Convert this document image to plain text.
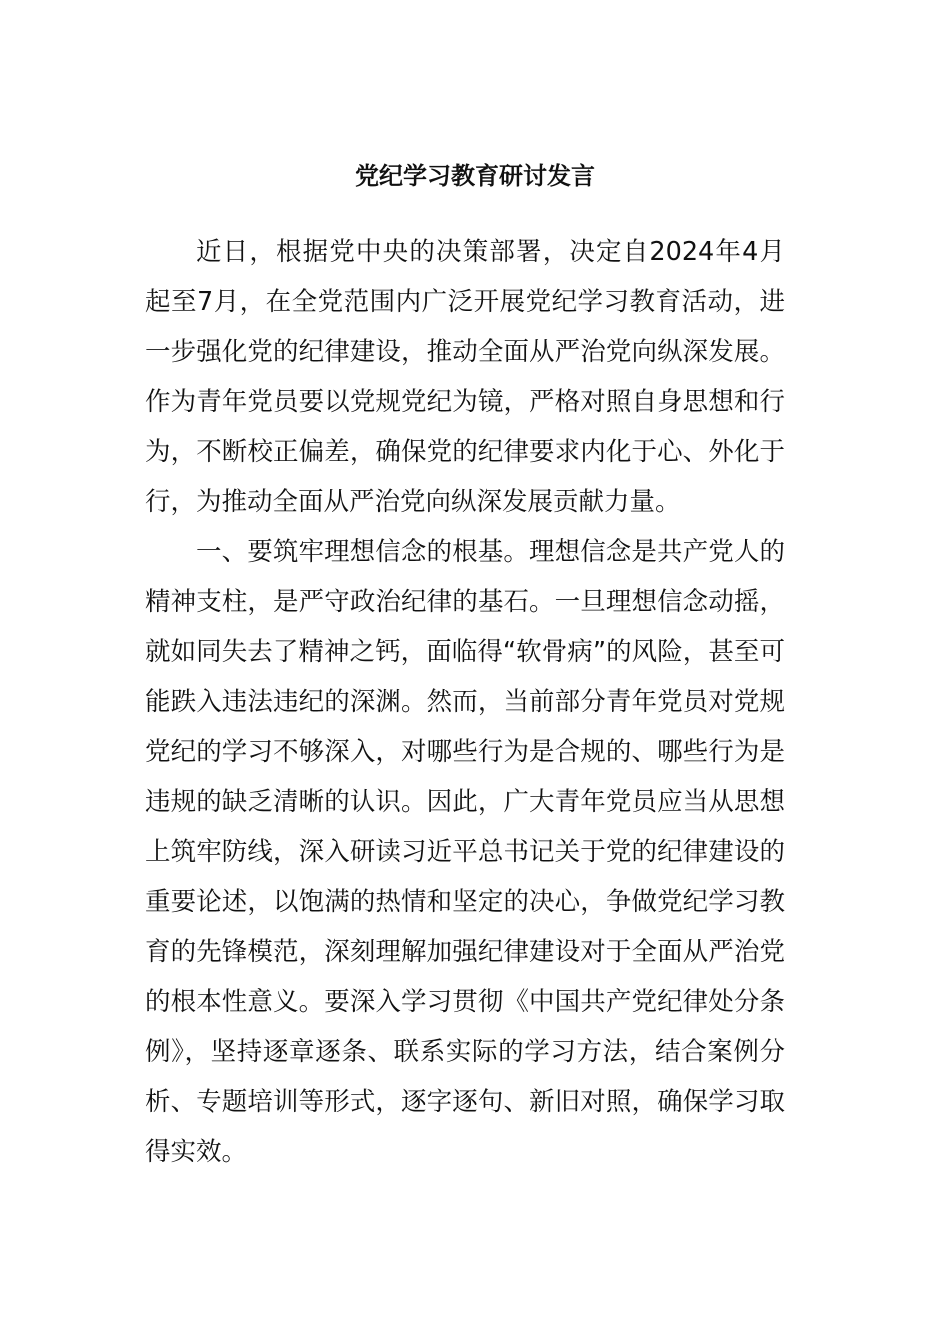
党纪学习教育研讨发言

近日，根据党中央的决策部署，决定自2024年4月起至7月，在全党范围内广泛开展党纪学习教育活动，进一步强化党的纪律建设，推动全面从严治党向纵深发展。作为青年党员要以党规党纪为镜，严格对照自身思想和行为，不断校正偏差，确保党的纪律要求内化于心、外化于行，为推动全面从严治党向纵深发展贡献力量。

一、要筑牢理想信念的根基。理想信念是共产党人的精神支柱，是严守政治纪律的基石。一旦理想信念动摇，就如同失去了精神之钙，面临得“软骨病”的风险，甚至可能跌入违法违纪的深渊。然而，当前部分青年党员对党规党纪的学习不够深入，对哪些行为是合规的、哪些行为是违规的缺乏清晰的认识。因此，广大青年党员应当从思想上筑牢防线，深入研读习近平总书记关于党的纪律建设的重要论述，以饱满的热情和坚定的决心，争做党纪学习教育的先锋模范，深刻理解加强纪律建设对于全面从严治党的根本性意义。要深入学习贯彻《中国共产党纪律处分条例》，坚持逐章逐条、联系实际的学习方法，结合案例分析、专题培训等形式，逐字逐句、新旧对照，确保学习取得实效。
